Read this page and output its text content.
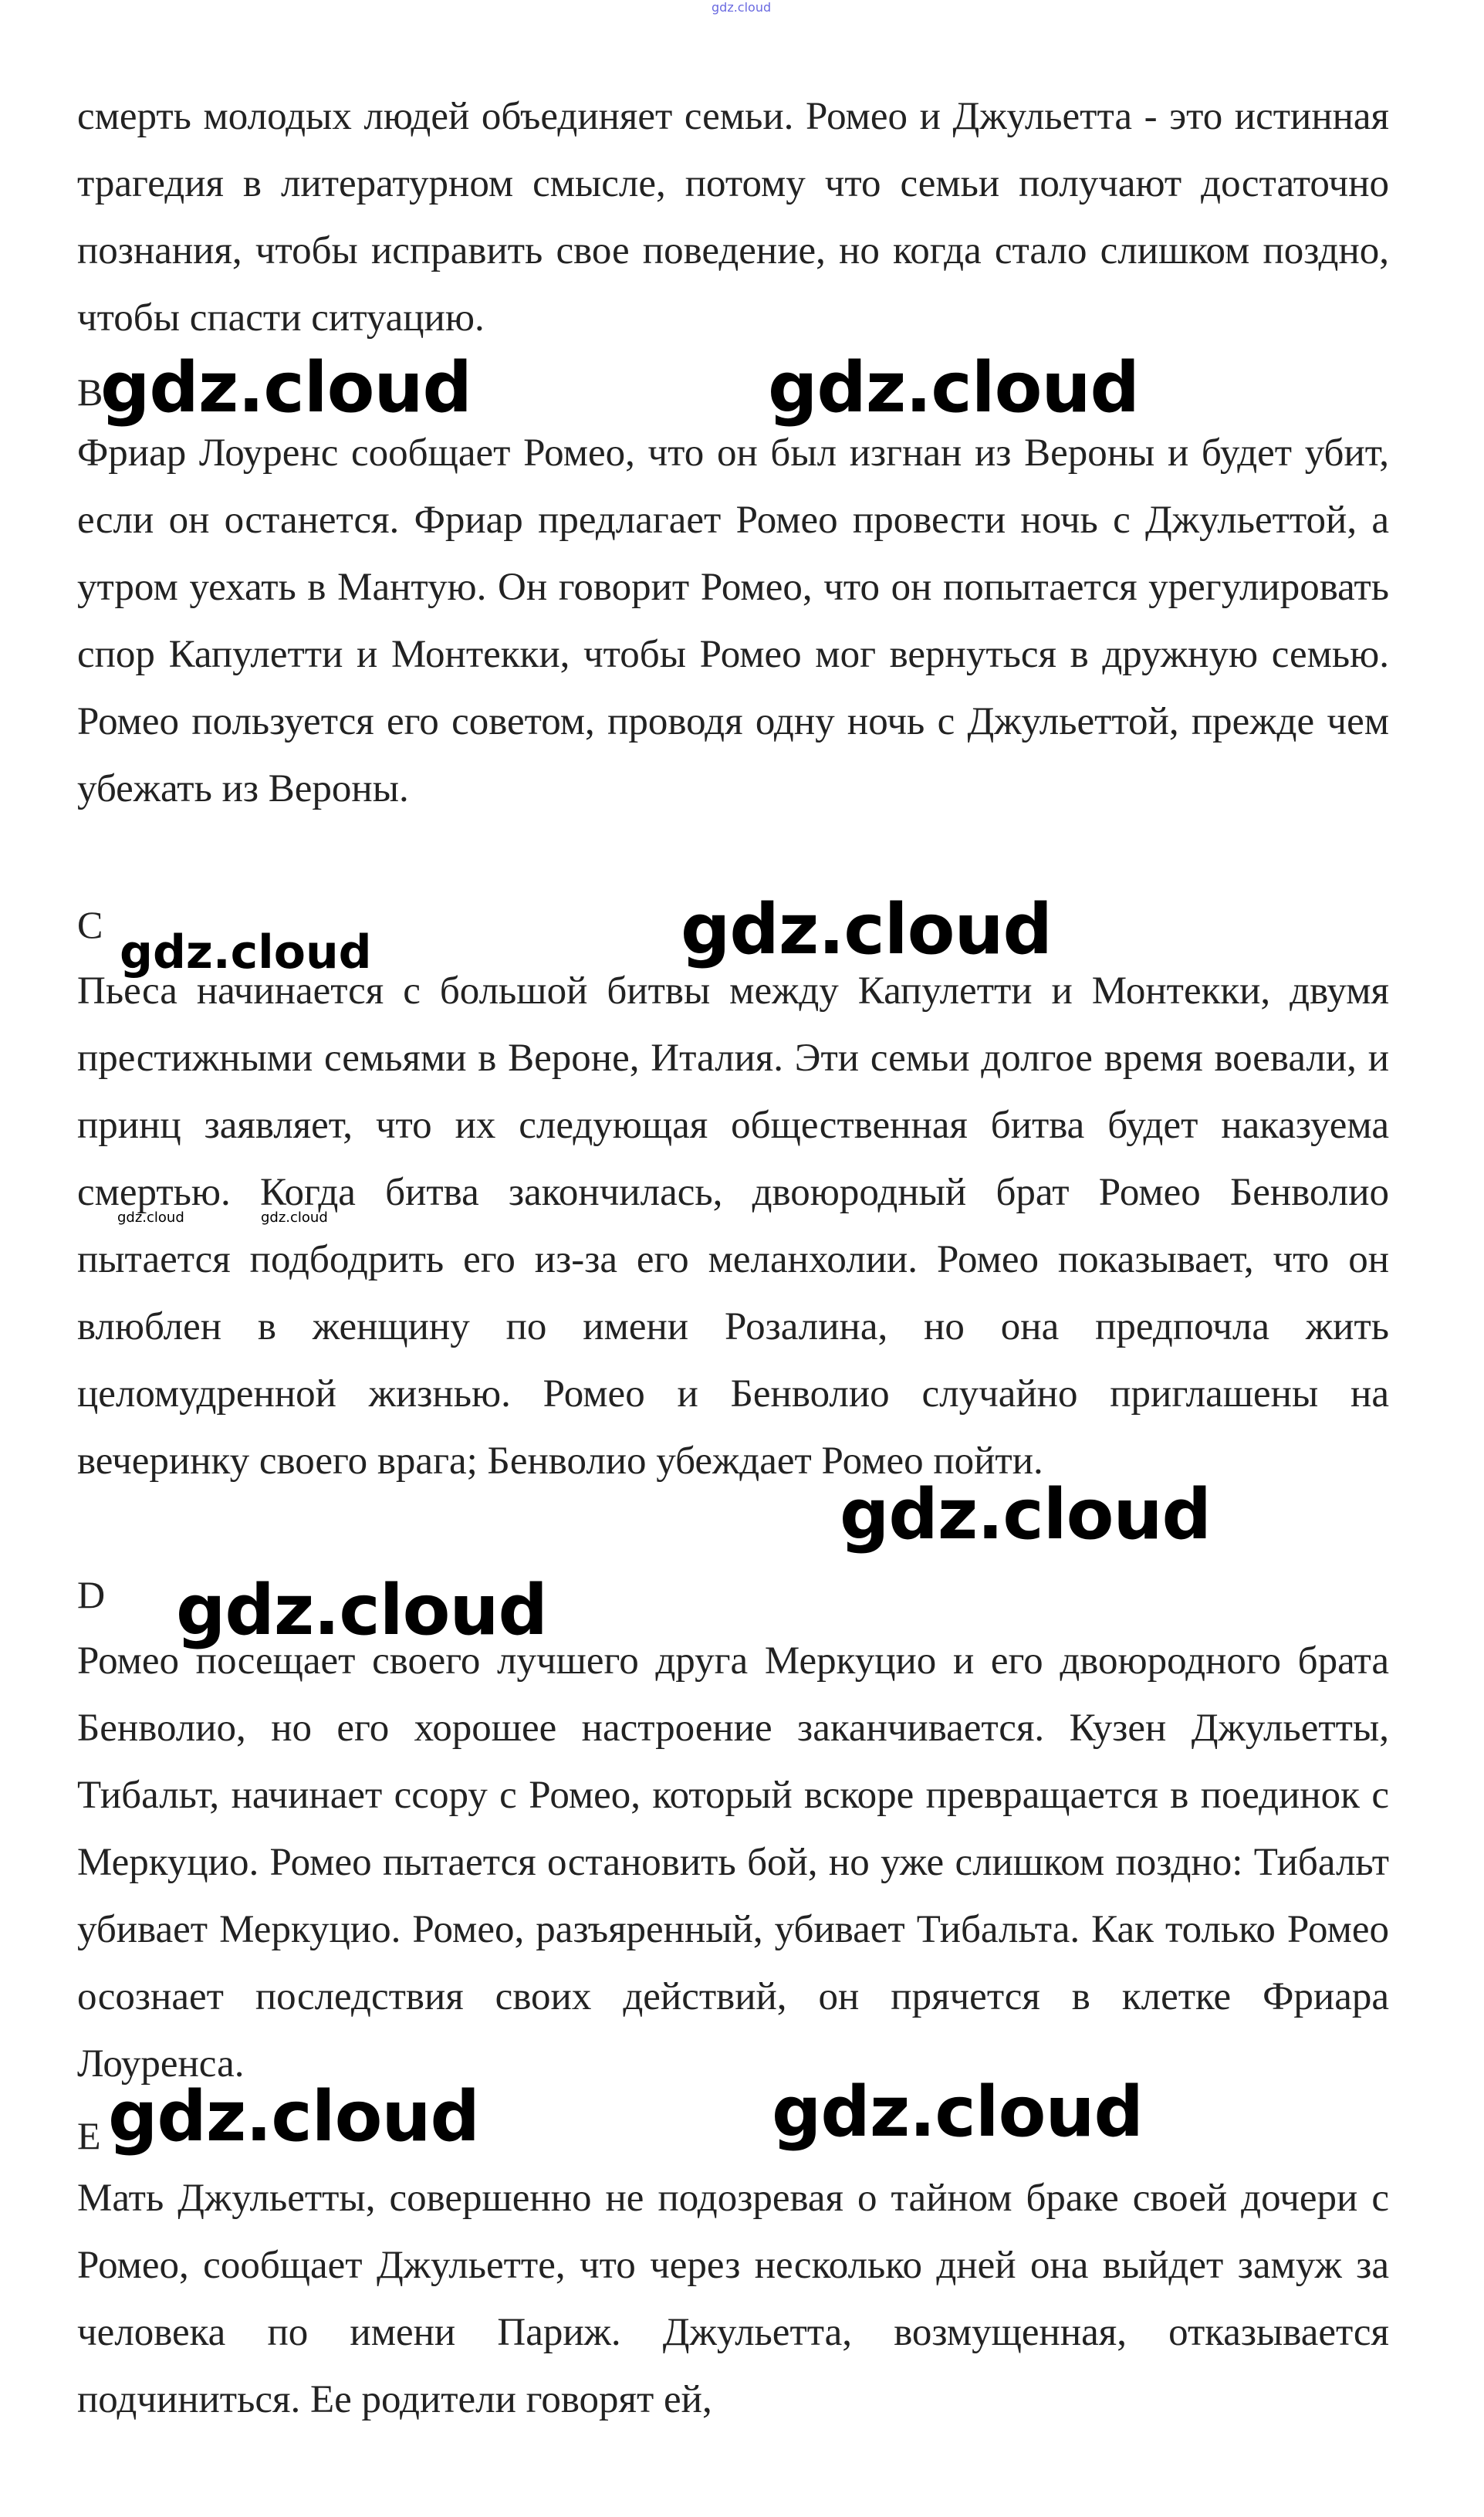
gdz.cloud

смерть молодых людей объединяет семьи. Ромео и Джульетта - это истинная трагедия в литературном смысле, потому что семьи получают достаточно познания, чтобы исправить свое поведение, но когда стало слишком поздно, чтобы спасти ситуацию.

B

gdz.cloud	gdz.cloud

Фриар Лоуренс сообщает Ромео, что он был изгнан из Вероны и будет убит, если он останется. Фриар предлагает Ромео провести ночь с Джульеттой, а утром уехать в Мантую. Он говорит Ромео, что он попытается урегулировать спор Капулетти и Монтекки, чтобы Ромео мог вернуться в дружную семью. Ромео пользуется его советом, проводя одну ночь с Джульеттой, прежде чем убежать из Вероны.

C

gdz.cloud	gdz.cloud

Пьеса начинается с большой битвы между Капулетти и Монтекки, двумя престижными семьями в Вероне, Италия. Эти семьи долгое время воевали, и принц заявляет, что их следующая общественная битва будет наказуема смертью. Когда битва закончилась, двоюродный брат Ромео Бенволио пытается подбодрить его из-за его меланхолии. Ромео показывает, что он влюблен в женщину по имени Розалина, но она предпочла жить целомудренной жизнью. Ромео и Бенволио случайно приглашены на вечеринку своего врага; Бенволио убеждает Ромео пойти.

gdz.cloud	gdz.cloud
gdz.cloud

D gdz.cloud

Ромео посещает своего лучшего друга Меркуцио и его двоюродного брата Бенволио, но его хорошее настроение заканчивается. Кузен Джульетты, Тибальт, начинает ссору с Ромео, который вскоре превращается в поединок с Меркуцио. Ромео пытается остановить бой, но уже слишком поздно: Тибальт убивает Меркуцио. Ромео, разъяренный, убивает Тибальта. Как только Ромео осознает последствия своих действий, он прячется в клетке Фриара Лоуренса.

E gdz.cloud	gdz.cloud

Мать Джульетты, совершенно не подозревая о тайном браке своей дочери с Ромео, сообщает Джульетте, что через несколько дней она выйдет замуж за человека по имени Париж. Джульетта, возмущенная, отказывается подчиниться. Ее родители говорят ей,
